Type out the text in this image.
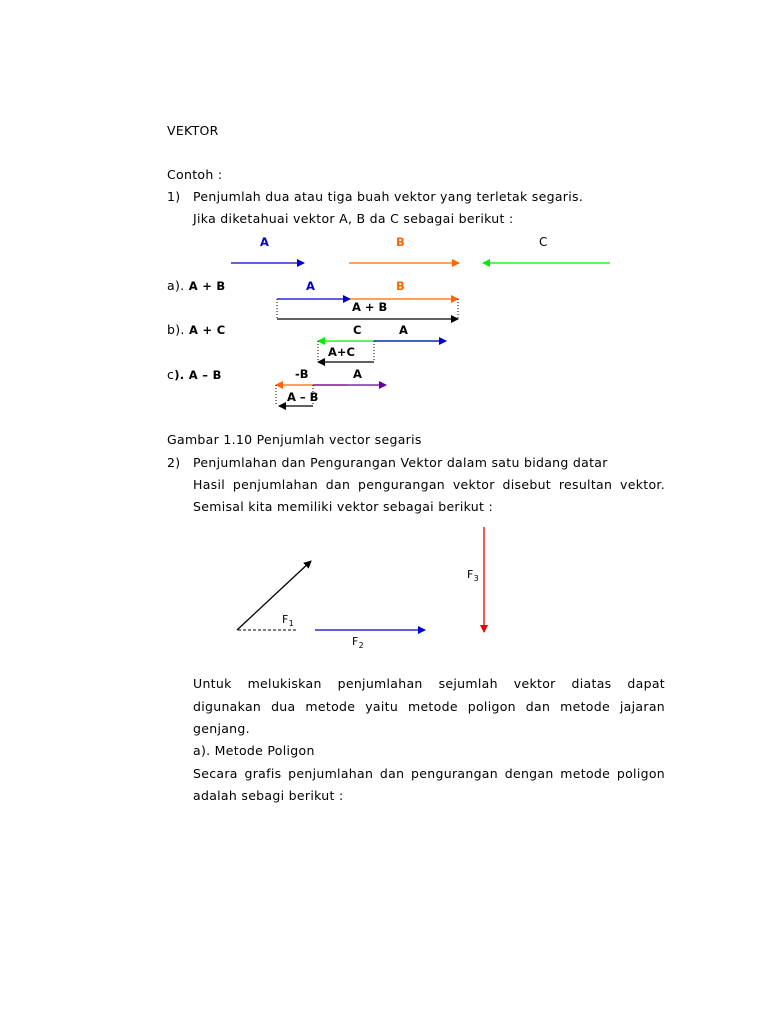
VEKTOR
Contoh :
1) Penjumlah dua atau tiga buah vektor yang terletak segaris.
Jika diketahuai vektor A, B da C sebagai berikut :
A	B	C
a). A + B	A	B
A + B
b). A + C	C	A
A+C
c). A – B	-B	A
A – B
Gambar 1.10 Penjumlah vector segaris
2) Penjumlahan dan Pengurangan Vektor dalam satu bidang datar
Hasil penjumlahan dan pengurangan vektor disebut resultan vektor.
Semisal kita memiliki vektor sebagai berikut :
$F_3$
$F_1$
$F_2$
Untuk melukiskan penjumlahan sejumlah vektor diatas dapat
digunakan dua metode yaitu metode poligon dan metode jajaran
genjang.
a). Metode Poligon
Secara grafis penjumlahan dan pengurangan dengan metode poligon
adalah sebagi berikut :
